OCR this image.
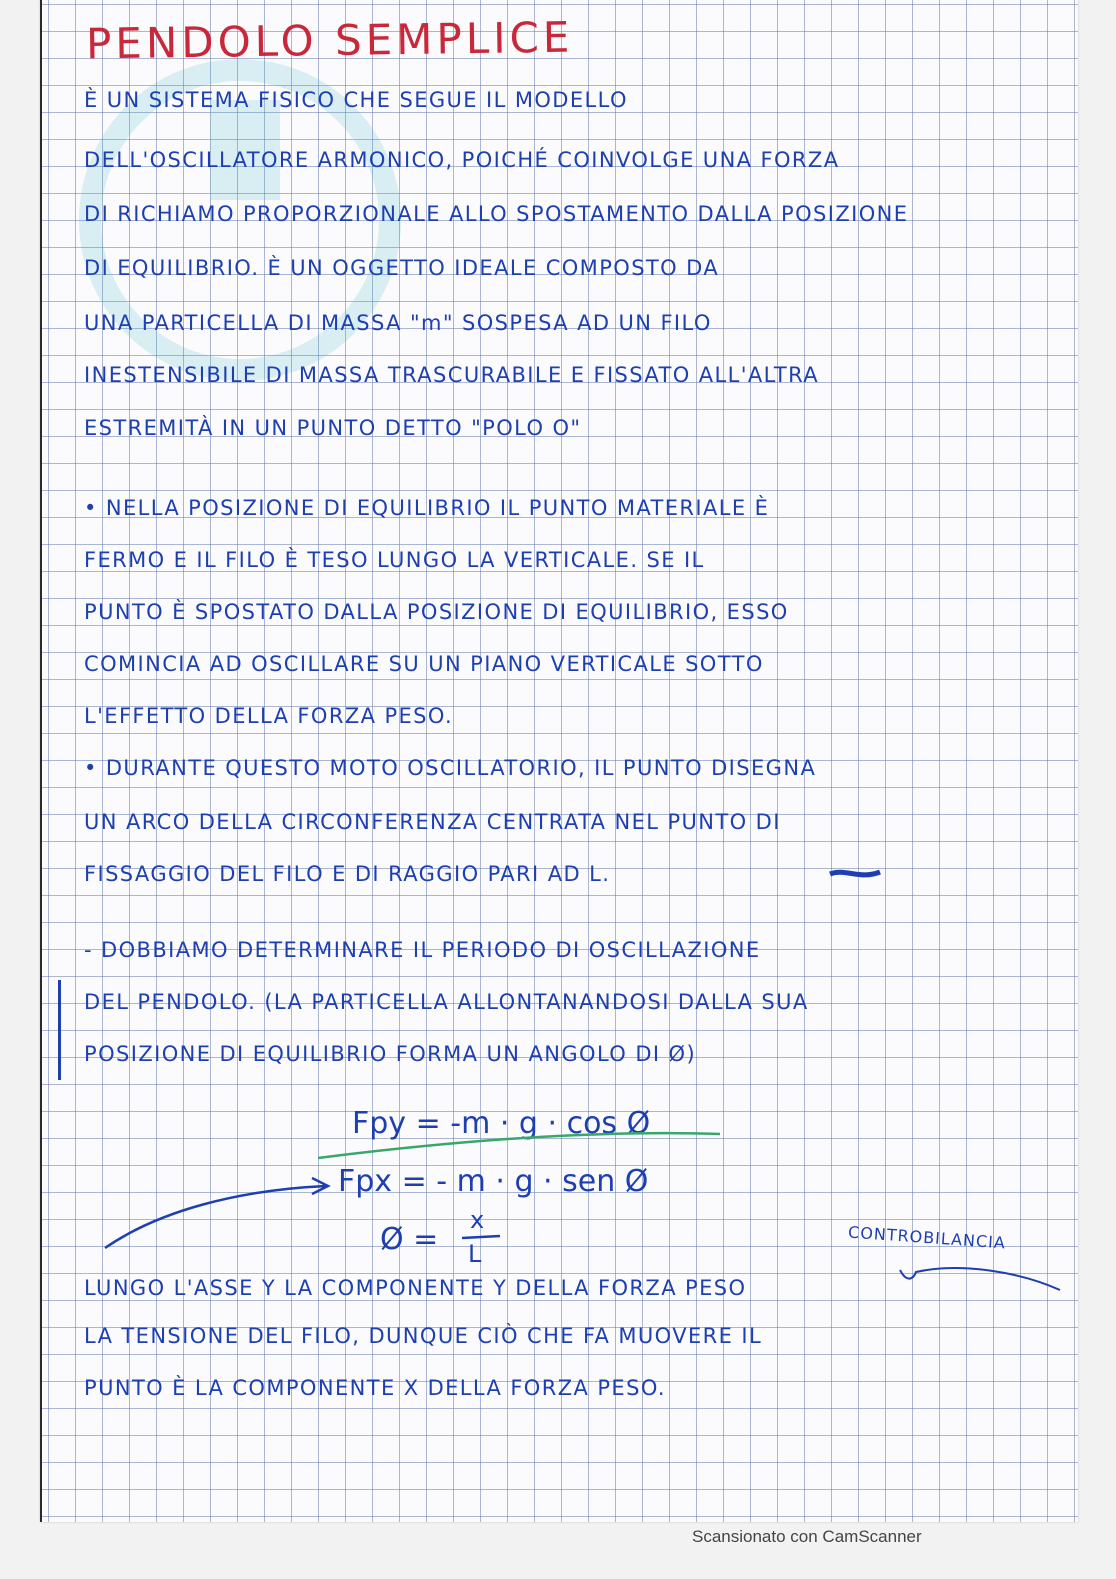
PENDOLO SEMPLICE
È UN SISTEMA FISICO CHE SEGUE IL MODELLO
DELL'OSCILLATORE ARMONICO, POICHÉ COINVOLGE UNA FORZA
DI RICHIAMO PROPORZIONALE ALLO SPOSTAMENTO DALLA POSIZIONE
DI EQUILIBRIO. È UN OGGETTO IDEALE COMPOSTO DA
UNA PARTICELLA DI MASSA "m" SOSPESA AD UN FILO
INESTENSIBILE DI MASSA TRASCURABILE E FISSATO ALL'ALTRA
ESTREMITÀ IN UN PUNTO DETTO "POLO O"
• NELLA POSIZIONE DI EQUILIBRIO IL PUNTO MATERIALE È
FERMO E IL FILO È TESO LUNGO LA VERTICALE. SE IL
PUNTO È SPOSTATO DALLA POSIZIONE DI EQUILIBRIO, ESSO
COMINCIA AD OSCILLARE SU UN PIANO VERTICALE SOTTO
L'EFFETTO DELLA FORZA PESO.
• DURANTE QUESTO MOTO OSCILLATORIO, IL PUNTO DISEGNA
UN ARCO DELLA CIRCONFERENZA CENTRATA NEL PUNTO DI
FISSAGGIO DEL FILO E DI RAGGIO PARI AD L.
- DOBBIAMO DETERMINARE IL PERIODO DI OSCILLAZIONE
DEL PENDOLO. (LA PARTICELLA ALLONTANANDOSI DALLA SUA
POSIZIONE DI EQUILIBRIO FORMA UN ANGOLO DI Ø)
Fpy = -m · g · cos Ø
Fpx = - m · g · sen Ø
Ø =
x
L
CONTROBILANCIA
LUNGO L'ASSE Y LA COMPONENTE Y DELLA FORZA PESO
LA TENSIONE DEL FILO, DUNQUE CIÒ CHE FA MUOVERE IL
PUNTO È LA COMPONENTE X DELLA FORZA PESO.
Scansionato con CamScanner
